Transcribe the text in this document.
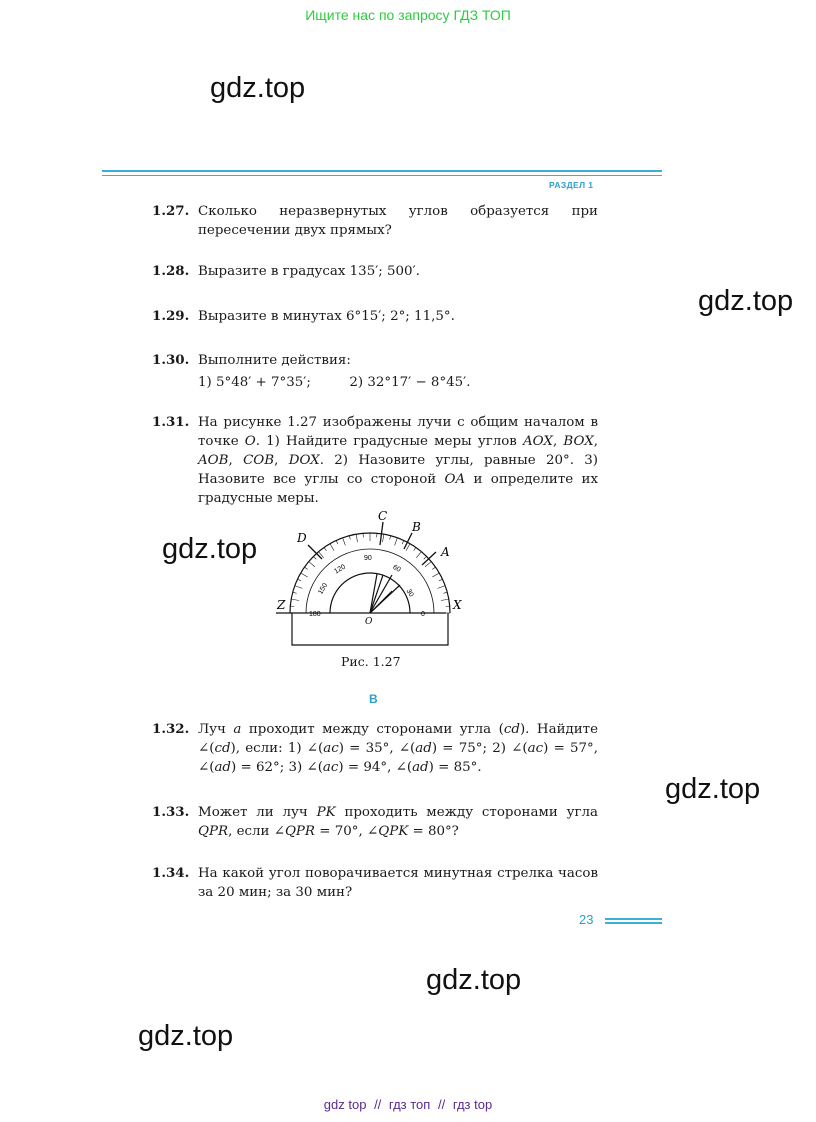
Ищите нас по запросу ГДЗ ТОП
gdz.top
gdz.top
gdz.top
gdz.top
gdz.top
gdz.top
РАЗДЕЛ 1
1.27. Сколько неразвернутых углов образуется при пересечении двух прямых?
1.28. Выразите в градусах 135′; 500′.
1.29. Выразите в минутах 6°15′; 2°; 11,5°.
1.30. Выполните действия:
1) 5°48′ + 7°35′;	2) 32°17′ − 8°45′.
1.31. На рисунке 1.27 изображены лучи с общим началом в точке O. 1) Найдите градусные меры углов AOX, BOX, AOB, COB, DOX. 2) Назовите углы, равные 20°. 3) Назовите все углы со стороной OA и определите их градусные меры.
A
B
C
D
O
X
Z
0
30
60
90
120
150
180
Рис. 1.27
B
1.32. Луч a проходит между сторонами угла (cd). Найдите ∠(cd), если: 1) ∠(ac) = 35°, ∠(ad) = 75°; 2) ∠(ac) = 57°, ∠(ad) = 62°; 3) ∠(ac) = 94°, ∠(ad) = 85°.
1.33. Может ли луч PK проходить между сторонами угла QPR, если ∠QPR = 70°, ∠QPK = 80°?
1.34. На какой угол поворачивается минутная стрелка часов за 20 мин; за 30 мин?
23
gdz top // гдз топ // гдз top
